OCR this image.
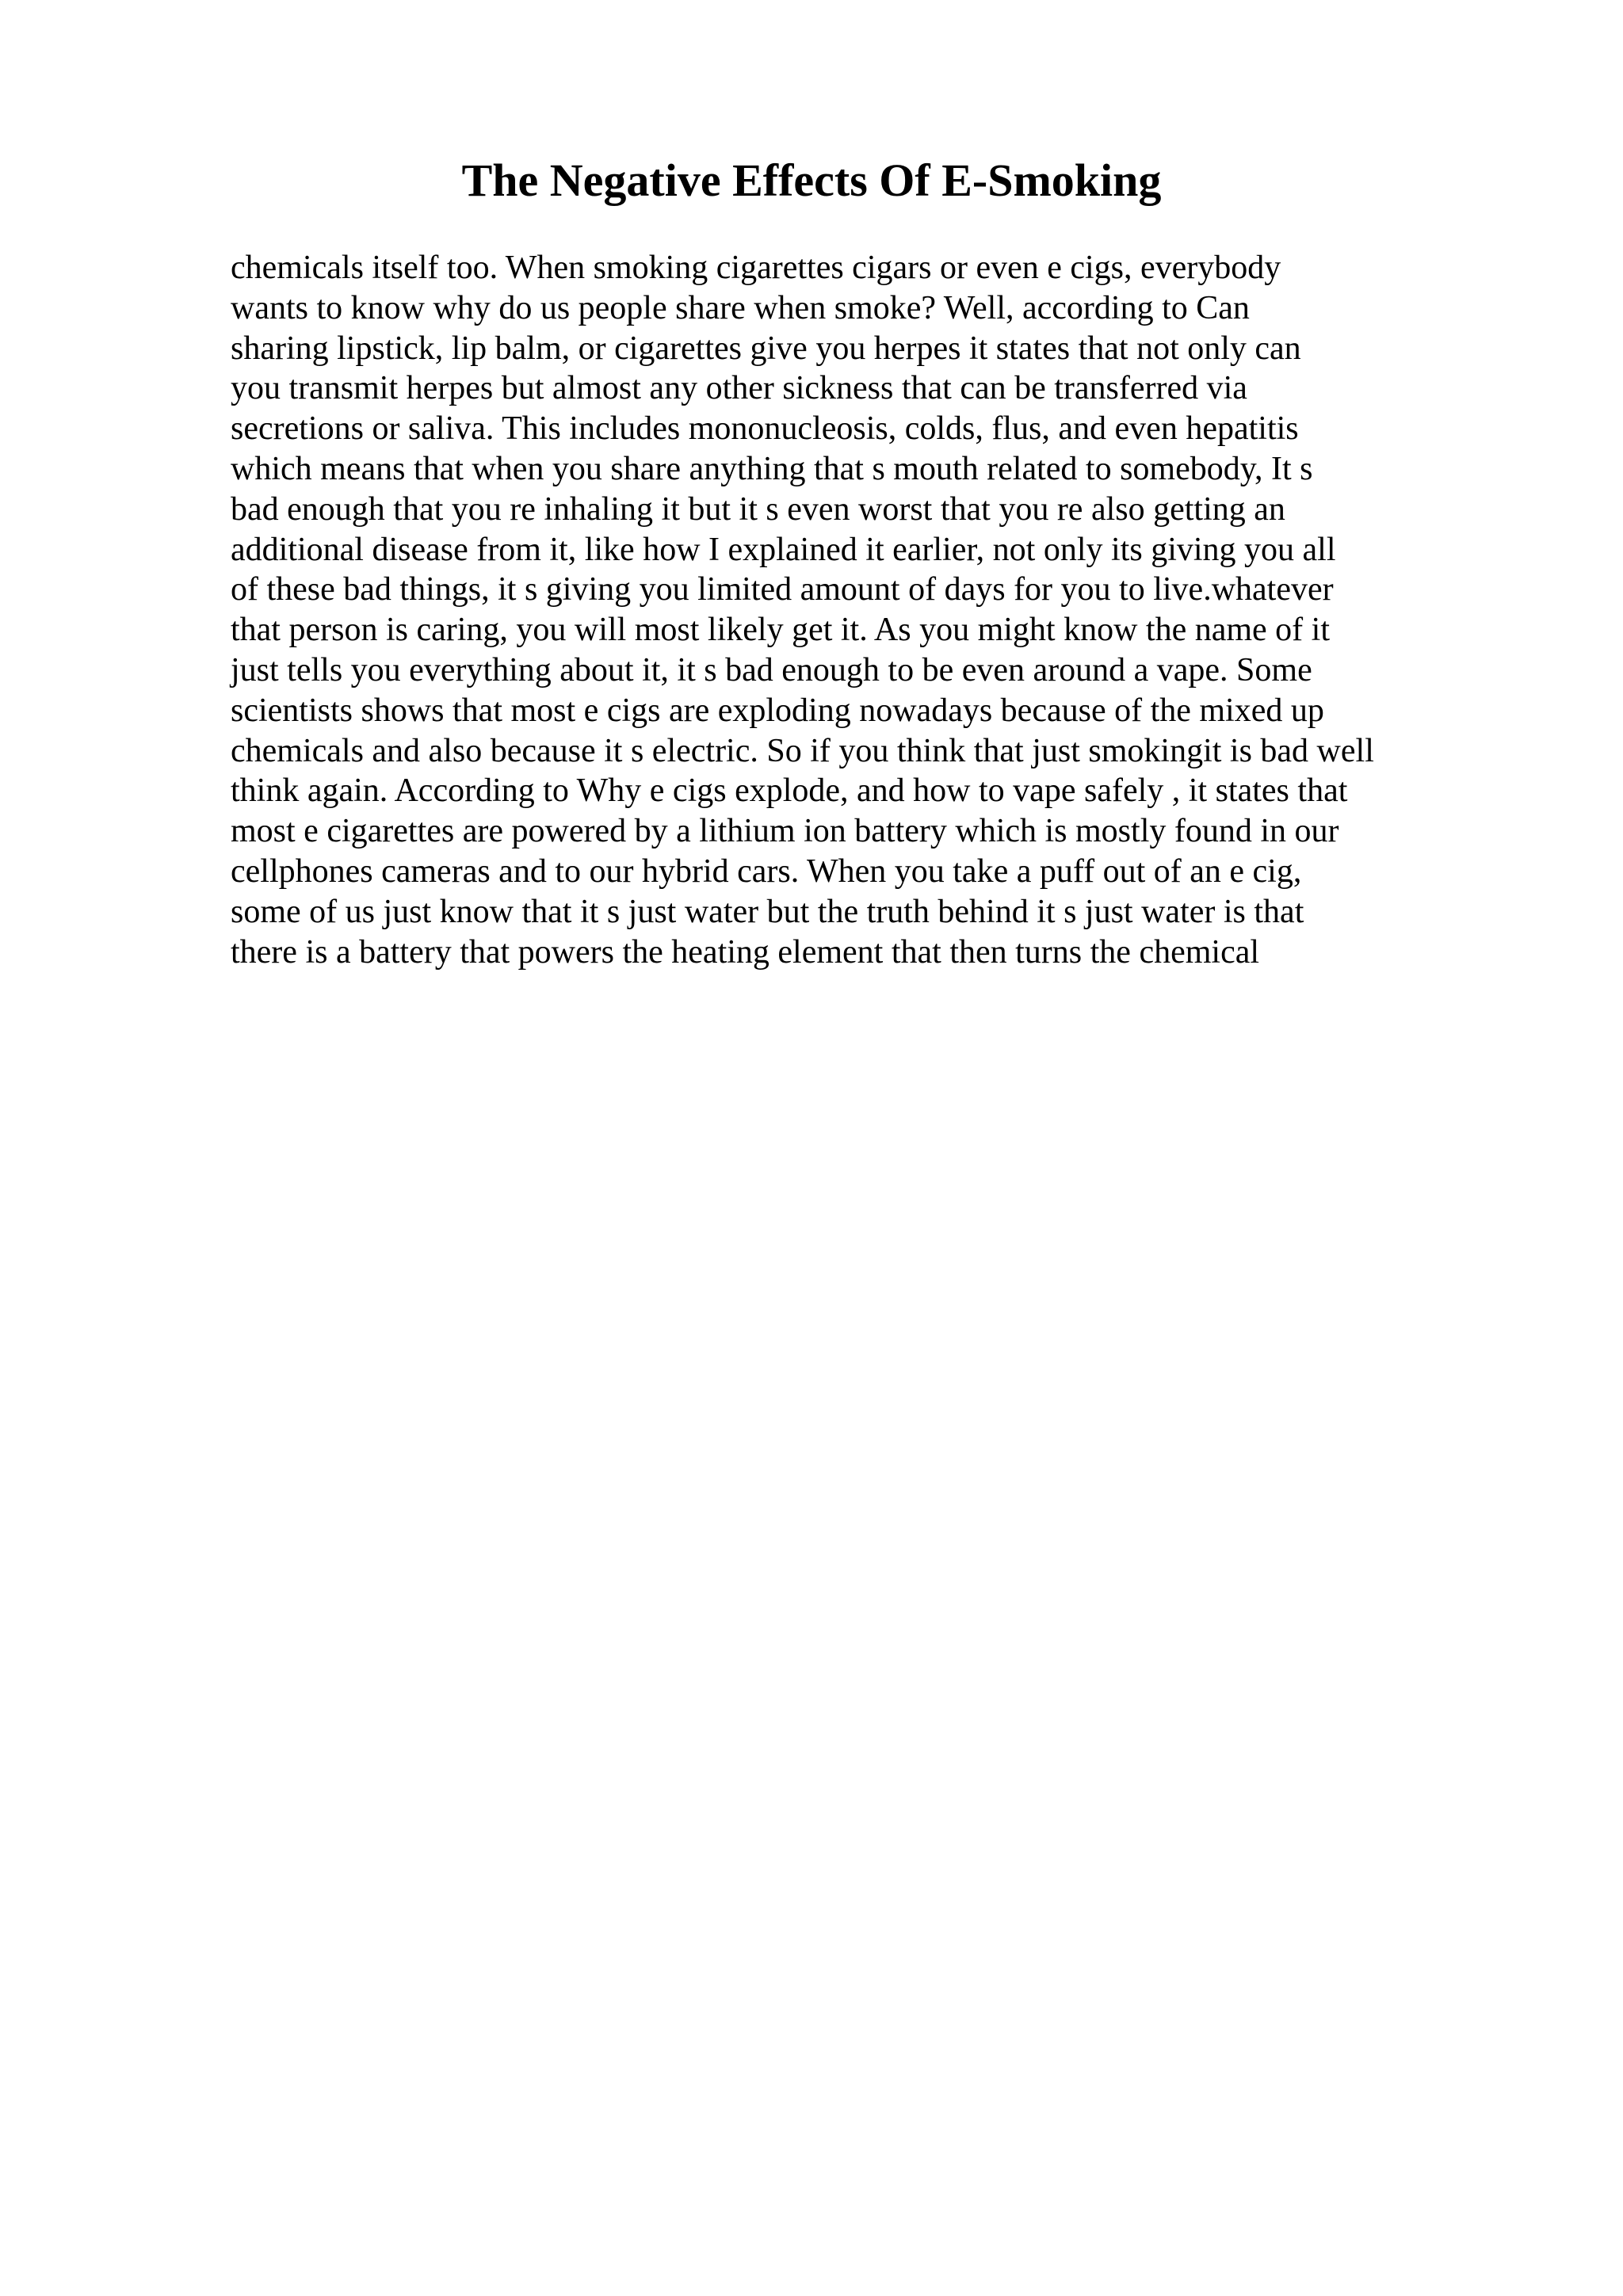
The Negative Effects Of E-Smoking
chemicals itself too. When smoking cigarettes cigars or even e cigs, everybody
wants to know why do us people share when smoke? Well, according to Can
sharing lipstick, lip balm, or cigarettes give you herpes it states that not only can
you transmit herpes but almost any other sickness that can be transferred via
secretions or saliva. This includes mononucleosis, colds, flus, and even hepatitis
which means that when you share anything that s mouth related to somebody, It s
bad enough that you re inhaling it but it s even worst that you re also getting an
additional disease from it, like how I explained it earlier, not only its giving you all
of these bad things, it s giving you limited amount of days for you to live.whatever
that person is caring, you will most likely get it. As you might know the name of it
just tells you everything about it, it s bad enough to be even around a vape. Some
scientists shows that most e cigs are exploding nowadays because of the mixed up
chemicals and also because it s electric. So if you think that just smokingit is bad well
think again. According to Why e cigs explode, and how to vape safely , it states that
most e cigarettes are powered by a lithium ion battery which is mostly found in our
cellphones cameras and to our hybrid cars. When you take a puff out of an e cig,
some of us just know that it s just water but the truth behind it s just water is that
there is a battery that powers the heating element that then turns the chemical
